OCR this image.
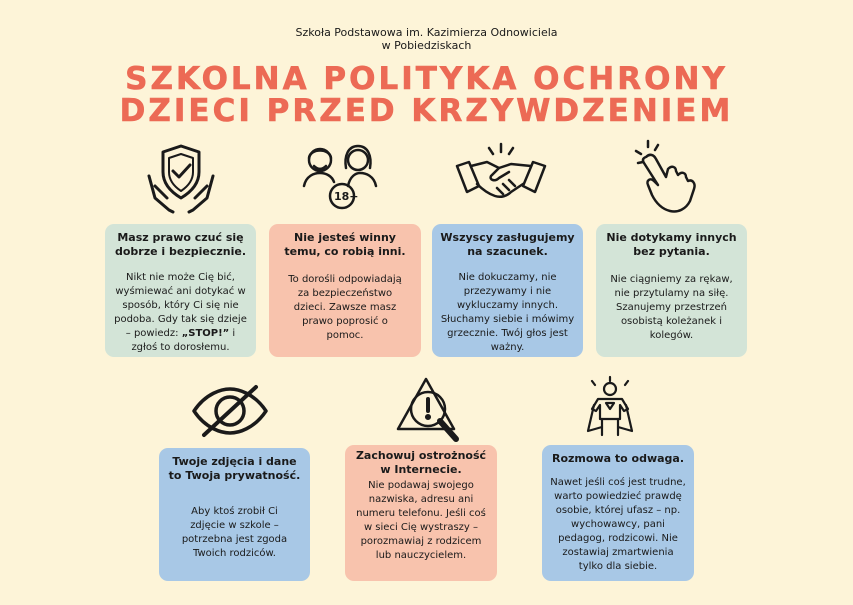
Szkoła Podstawowa im. Kazimierza Odnowiciela
w Pobiedziskach
SZKOLNA POLITYKA OCHRONY
DZIECI PRZED KRZYWDZENIEM
18+
Masz prawo czuć się dobrze i bezpiecznie.
Nikt nie może Cię bić, wyśmiewać ani dotykać w sposób, który Ci się nie podoba. Gdy tak się dzieje – powiedz: „STOP!” i zgłoś to dorosłemu.
Nie jesteś winny temu, co robią inni.
To dorośli odpowiadają za bezpieczeństwo dzieci. Zawsze masz prawo poprosić o pomoc.
Wszyscy zasługujemy na szacunek.
Nie dokuczamy, nie przezywamy i nie wykluczamy innych. Słuchamy siebie i mówimy grzecznie. Twój głos jest ważny.
Nie dotykamy innych bez pytania.
Nie ciągniemy za rękaw, nie przytulamy na siłę. Szanujemy przestrzeń osobistą koleżanek i kolegów.
Twoje zdjęcia i dane to Twoja prywatność.
Aby ktoś zrobił Ci zdjęcie w szkole – potrzebna jest zgoda Twoich rodziców.
Zachowuj ostrożność w Internecie.
Nie podawaj swojego nazwiska, adresu ani numeru telefonu. Jeśli coś w sieci Cię wystraszy – porozmawiaj z rodzicem lub nauczycielem.
Rozmowa to odwaga.
Nawet jeśli coś jest trudne, warto powiedzieć prawdę osobie, której ufasz – np. wychowawcy, pani pedagog, rodzicowi. Nie zostawiaj zmartwienia tylko dla siebie.
